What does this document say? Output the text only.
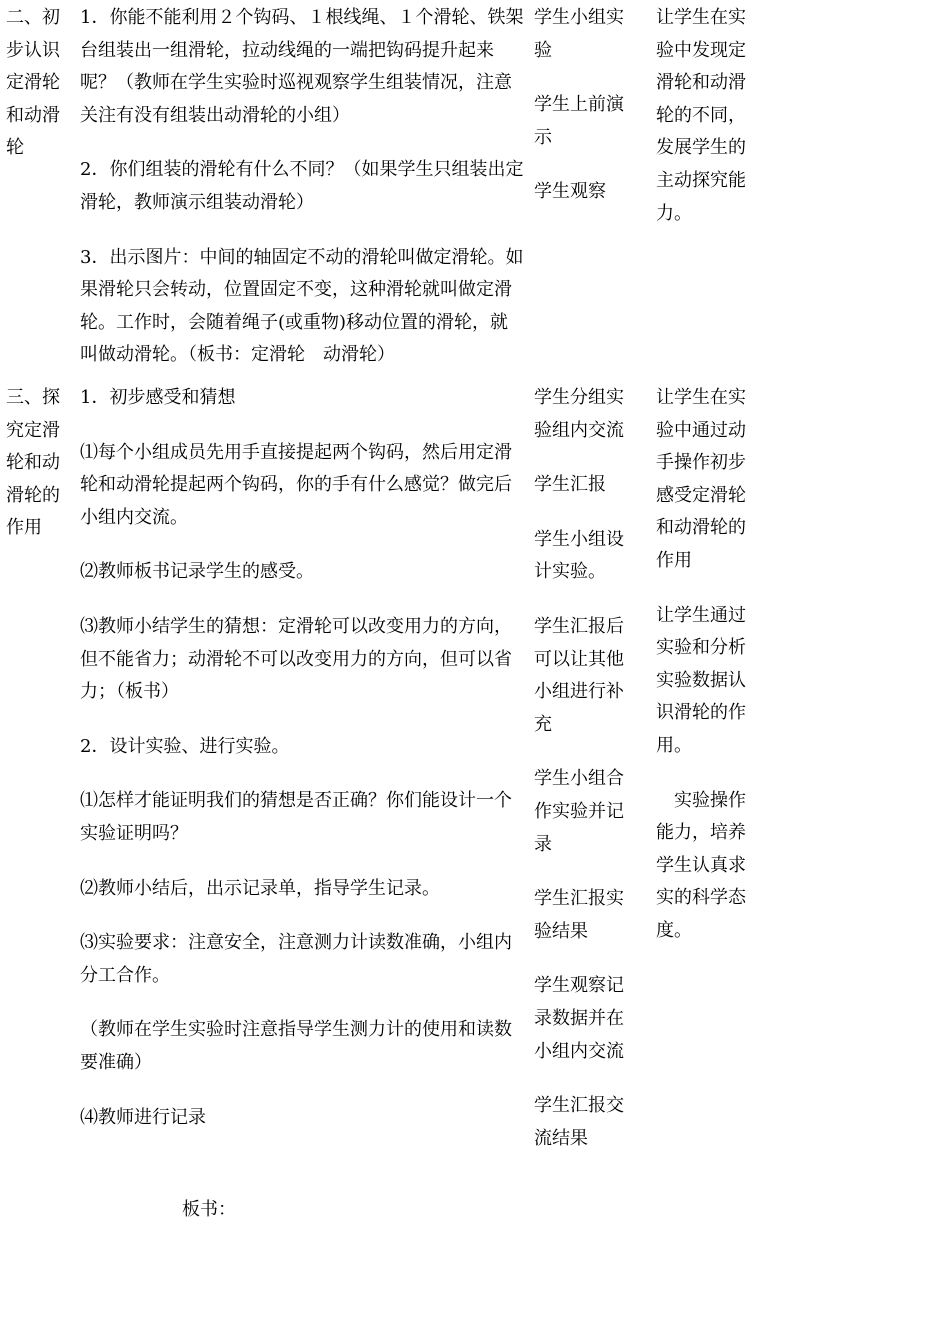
二、初步认识定滑轮和动滑轮

1．你能不能利用２个钩码、１根线绳、１个滑轮、铁架台组装出一组滑轮，拉动线绳的一端把钩码提升起来呢？（教师在学生实验时巡视观察学生组装情况，注意关注有没有组装出动滑轮的小组）

2．你们组装的滑轮有什么不同？（如果学生只组装出定滑轮，教师演示组装动滑轮）

3．出示图片：中间的轴固定不动的滑轮叫做定滑轮。如果滑轮只会转动，位置固定不变，这种滑轮就叫做定滑轮。工作时，会随着绳子(或重物)移动位置的滑轮，就叫做动滑轮。（板书：定滑轮　动滑轮）

学生小组实验

学生上前演示

学生观察

让学生在实验中发现定滑轮和动滑轮的不同，发展学生的主动探究能力。

三、探究定滑轮和动滑轮的作用

1．初步感受和猜想

⑴每个小组成员先用手直接提起两个钩码，然后用定滑轮和动滑轮提起两个钩码，你的手有什么感觉？做完后小组内交流。

⑵教师板书记录学生的感受。

⑶教师小结学生的猜想：定滑轮可以改变用力的方向，但不能省力；动滑轮不可以改变用力的方向，但可以省力；（板书）

2．设计实验、进行实验。

⑴怎样才能证明我们的猜想是否正确？你们能设计一个实验证明吗？

⑵教师小结后，出示记录单，指导学生记录。

⑶实验要求：注意安全，注意测力计读数准确，小组内分工合作。

（教师在学生实验时注意指导学生测力计的使用和读数要准确）

⑷教师进行记录

学生分组实验组内交流

学生汇报

学生小组设计实验。

学生汇报后可以让其他小组进行补充

学生小组合作实验并记录

学生汇报实验结果

学生观察记录数据并在小组内交流

学生汇报交流结果

让学生在实验中通过动手操作初步感受定滑轮和动滑轮的作用

让学生通过实验和分析实验数据认识滑轮的作用。

实验操作能力，培养学生认真求实的科学态度。

板书：
